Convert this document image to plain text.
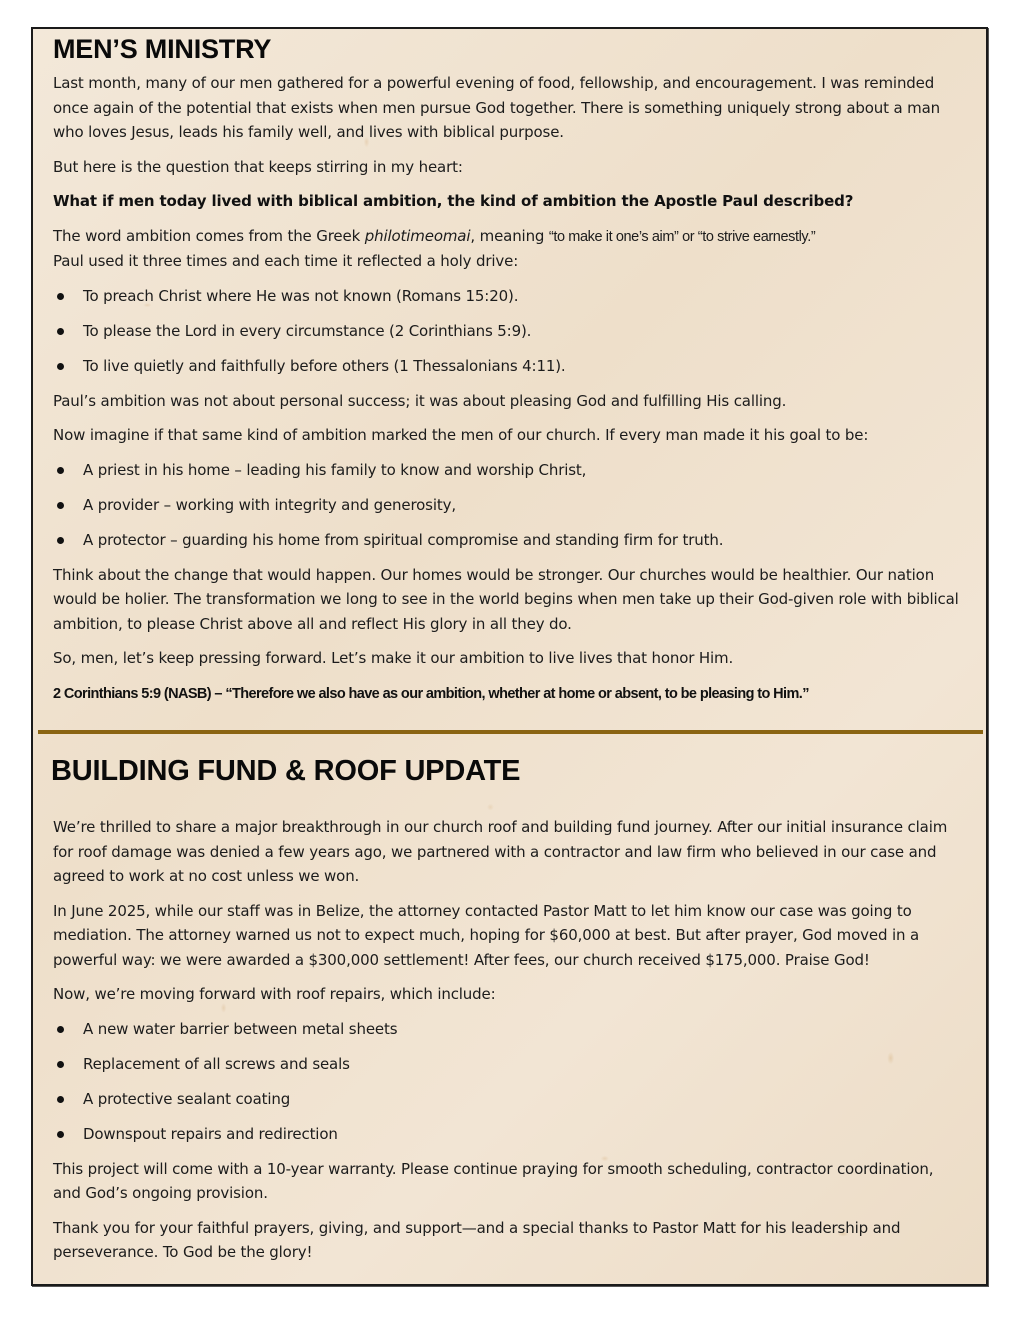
MEN’S MINISTRY

Last month, many of our men gathered for a powerful evening of food, fellowship, and encouragement. I was reminded once again of the potential that exists when men pursue God together. There is something uniquely strong about a man who loves Jesus, leads his family well, and lives with biblical purpose.

But here is the question that keeps stirring in my heart:

What if men today lived with biblical ambition, the kind of ambition the Apostle Paul described?

The word ambition comes from the Greek philotimeomai, meaning “to make it one’s aim” or “to strive earnestly.”
Paul used it three times and each time it reflected a holy drive:

To preach Christ where He was not known (Romans 15:20).
To please the Lord in every circumstance (2 Corinthians 5:9).
To live quietly and faithfully before others (1 Thessalonians 4:11).

Paul’s ambition was not about personal success; it was about pleasing God and fulfilling His calling.

Now imagine if that same kind of ambition marked the men of our church. If every man made it his goal to be:

A priest in his home – leading his family to know and worship Christ,
A provider – working with integrity and generosity,
A protector – guarding his home from spiritual compromise and standing firm for truth.

Think about the change that would happen. Our homes would be stronger. Our churches would be healthier. Our nation would be holier. The transformation we long to see in the world begins when men take up their God-given role with biblical ambition, to please Christ above all and reflect His glory in all they do.

So, men, let’s keep pressing forward. Let’s make it our ambition to live lives that honor Him.

2 Corinthians 5:9 (NASB) – “Therefore we also have as our ambition, whether at home or absent, to be pleasing to Him.”

BUILDING FUND & ROOF UPDATE

We’re thrilled to share a major breakthrough in our church roof and building fund journey. After our initial insurance claim for roof damage was denied a few years ago, we partnered with a contractor and law firm who believed in our case and agreed to work at no cost unless we won.

In June 2025, while our staff was in Belize, the attorney contacted Pastor Matt to let him know our case was going to mediation. The attorney warned us not to expect much, hoping for $60,000 at best. But after prayer, God moved in a powerful way: we were awarded a $300,000 settlement! After fees, our church received $175,000. Praise God!

Now, we’re moving forward with roof repairs, which include:

A new water barrier between metal sheets
Replacement of all screws and seals
A protective sealant coating
Downspout repairs and redirection

This project will come with a 10-year warranty. Please continue praying for smooth scheduling, contractor coordination, and God’s ongoing provision.

Thank you for your faithful prayers, giving, and support—and a special thanks to Pastor Matt for his leadership and perseverance. To God be the glory!
